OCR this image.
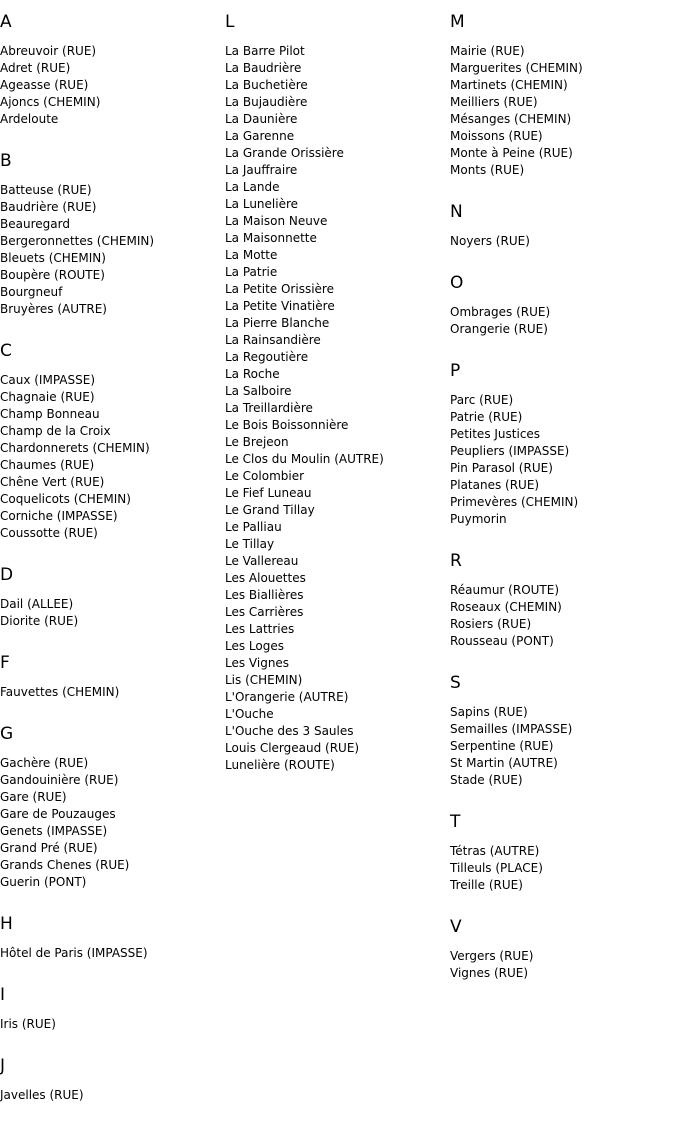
A
Abreuvoir (RUE)
Adret (RUE)
Ageasse (RUE)
Ajoncs (CHEMIN)
Ardeloute
B
Batteuse (RUE)
Baudrière (RUE)
Beauregard
Bergeronnettes (CHEMIN)
Bleuets (CHEMIN)
Boupère (ROUTE)
Bourgneuf
Bruyères (AUTRE)
C
Caux (IMPASSE)
Chagnaie (RUE)
Champ Bonneau
Champ de la Croix
Chardonnerets (CHEMIN)
Chaumes (RUE)
Chêne Vert (RUE)
Coquelicots (CHEMIN)
Corniche (IMPASSE)
Coussotte (RUE)
D
Dail (ALLEE)
Diorite (RUE)
F
Fauvettes (CHEMIN)
G
Gachère (RUE)
Gandouinière (RUE)
Gare (RUE)
Gare de Pouzauges
Genets (IMPASSE)
Grand Pré (RUE)
Grands Chenes (RUE)
Guerin (PONT)
H
Hôtel de Paris (IMPASSE)
I
Iris (RUE)
J
Javelles (RUE)
L
La Barre Pilot
La Baudrière
La Buchetière
La Bujaudière
La Daunière
La Garenne
La Grande Orissière
La Jauffraire
La Lande
La Lunelière
La Maison Neuve
La Maisonnette
La Motte
La Patrie
La Petite Orissière
La Petite Vinatière
La Pierre Blanche
La Rainsandière
La Regoutière
La Roche
La Salboire
La Treillardière
Le Bois Boissonnière
Le Brejeon
Le Clos du Moulin (AUTRE)
Le Colombier
Le Fief Luneau
Le Grand Tillay
Le Palliau
Le Tillay
Le Vallereau
Les Alouettes
Les Biallières
Les Carrières
Les Lattries
Les Loges
Les Vignes
Lis (CHEMIN)
L'Orangerie (AUTRE)
L'Ouche
L'Ouche des 3 Saules
Louis Clergeaud (RUE)
Lunelière (ROUTE)
M
Mairie (RUE)
Marguerites (CHEMIN)
Martinets (CHEMIN)
Meilliers (RUE)
Mésanges (CHEMIN)
Moissons (RUE)
Monte à Peine (RUE)
Monts (RUE)
N
Noyers (RUE)
O
Ombrages (RUE)
Orangerie (RUE)
P
Parc (RUE)
Patrie (RUE)
Petites Justices
Peupliers (IMPASSE)
Pin Parasol (RUE)
Platanes (RUE)
Primevères (CHEMIN)
Puymorin
R
Réaumur (ROUTE)
Roseaux (CHEMIN)
Rosiers (RUE)
Rousseau (PONT)
S
Sapins (RUE)
Semailles (IMPASSE)
Serpentine (RUE)
St Martin (AUTRE)
Stade (RUE)
T
Tétras (AUTRE)
Tilleuls (PLACE)
Treille (RUE)
V
Vergers (RUE)
Vignes (RUE)
